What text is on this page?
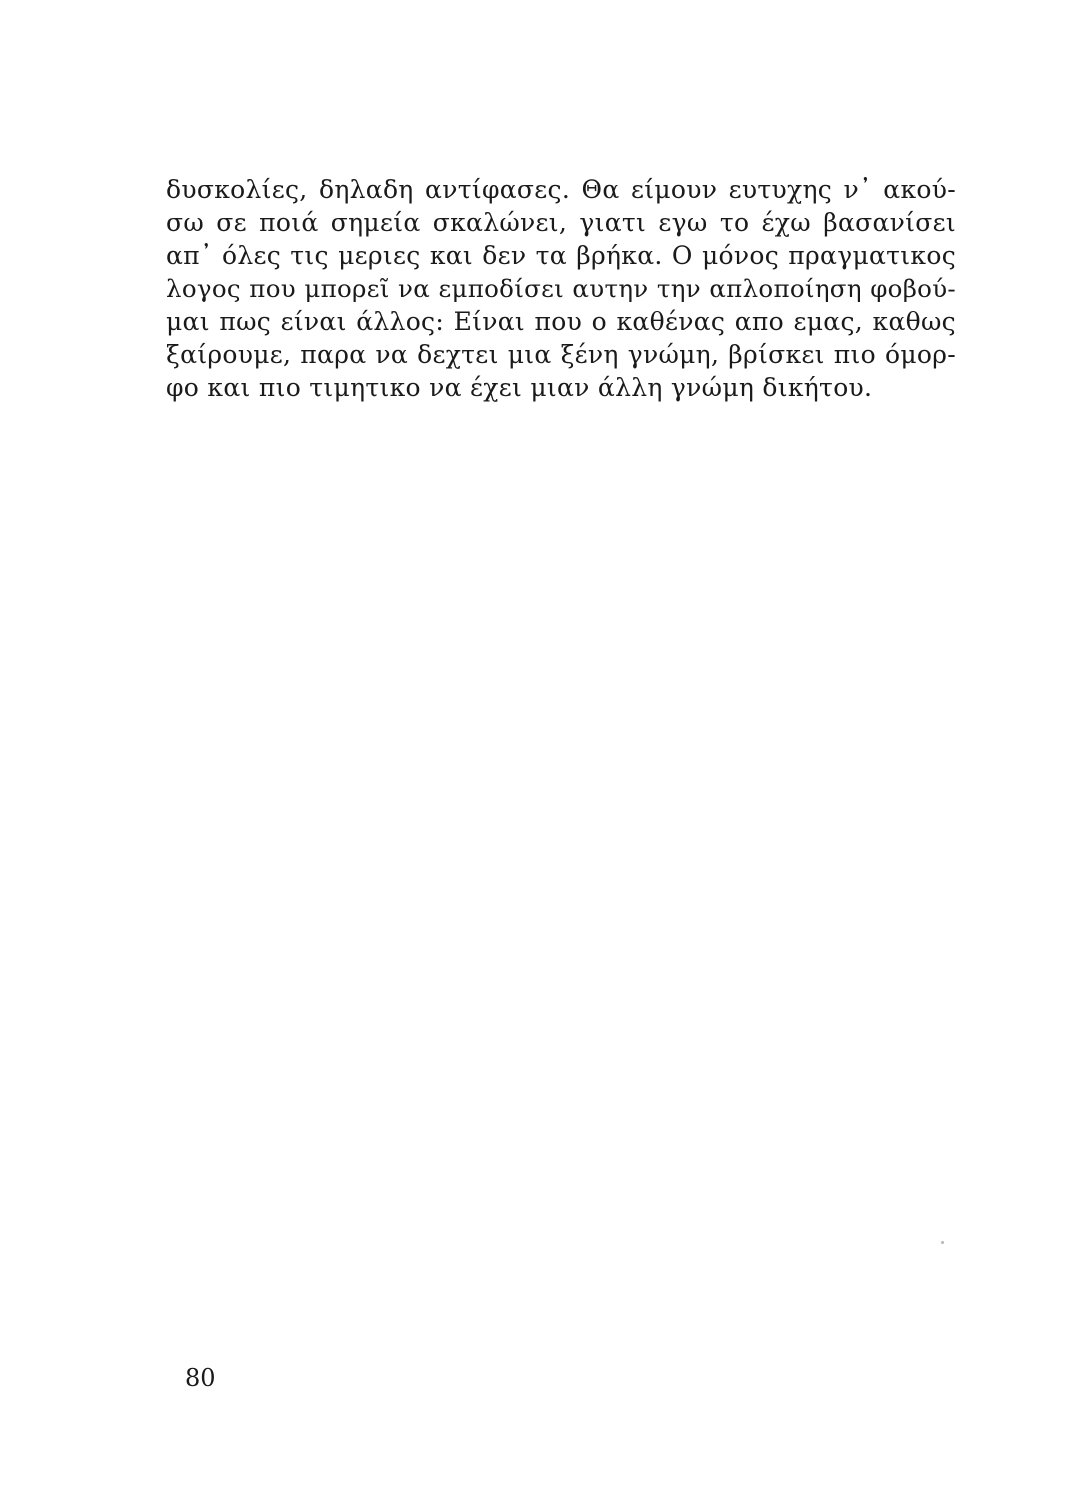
δυσκολίες, δηλαδη αντίφασες. Θα είμουν ευτυχης ν᾿ ακού-
σω σε ποιά σημεία σκαλώνει, γιατι εγω το έχω βασανίσει
απ᾿ όλες τις μεριες και δεν τα βρήκα. Ο μόνος πραγματικος
λογος που μπορεῖ να εμποδίσει αυτην την απλοποίηση φοβού-
μαι πως είναι άλλος: Είναι που ο καθένας απο εμας, καθως
ξαίρουμε, παρα να δεχτει μια ξένη γνώμη, βρίσκει πιο όμορ-
φο και πιο τιμητικο να έχει μιαν άλλη γνώμη δικήτου.
80
